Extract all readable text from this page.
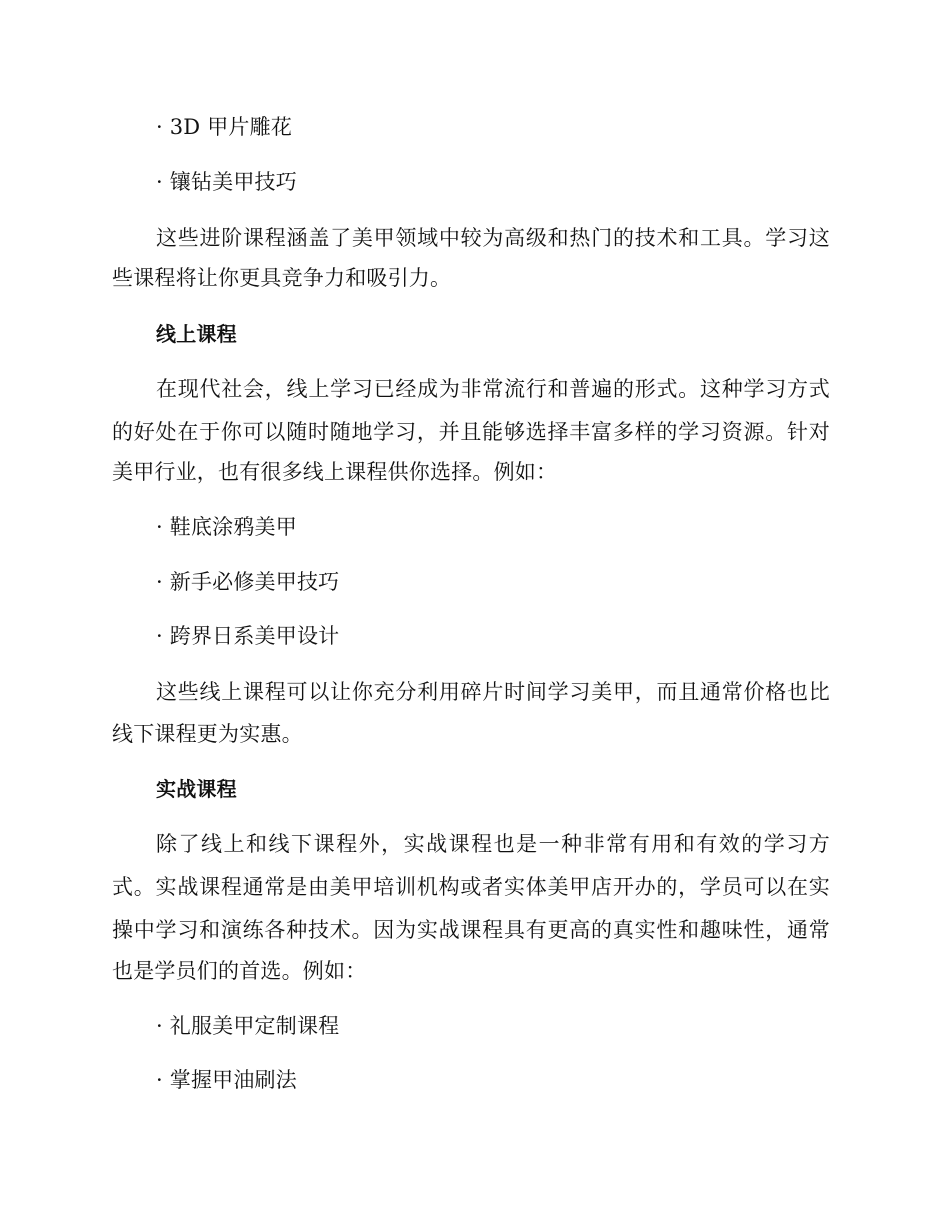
· 3D 甲片雕花
· 镶钻美甲技巧
这些进阶课程涵盖了美甲领域中较为高级和热门的技术和工具。学习这
些课程将让你更具竞争力和吸引力。
线上课程
在现代社会，线上学习已经成为非常流行和普遍的形式。这种学习方式
的好处在于你可以随时随地学习，并且能够选择丰富多样的学习资源。针对
美甲行业，也有很多线上课程供你选择。例如：
· 鞋底涂鸦美甲
· 新手必修美甲技巧
· 跨界日系美甲设计
这些线上课程可以让你充分利用碎片时间学习美甲，而且通常价格也比
线下课程更为实惠。
实战课程
除了线上和线下课程外，实战课程也是一种非常有用和有效的学习方
式。实战课程通常是由美甲培训机构或者实体美甲店开办的，学员可以在实
操中学习和演练各种技术。因为实战课程具有更高的真实性和趣味性，通常
也是学员们的首选。例如：
· 礼服美甲定制课程
· 掌握甲油刷法
